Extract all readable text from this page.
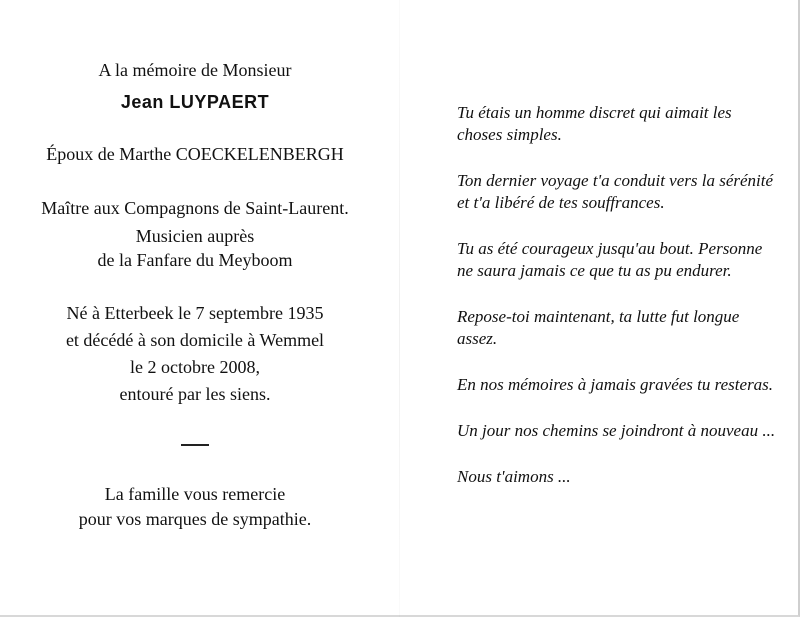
A la mémoire de Monsieur

Jean LUYPAERT

Époux de Marthe COECKELENBERGH

Maître aux Compagnons de Saint-Laurent.

Musicien auprès

de la Fanfare du Meyboom

Né à Etterbeek le 7 septembre 1935

et décédé à son domicile à Wemmel

le 2 octobre 2008,

entouré par les siens.

La famille vous remercie

pour vos marques de sympathie.

Tu étais un homme discret qui aimait les choses simples.

Ton dernier voyage t'a conduit vers la sérénité et t'a libéré de tes souffrances.

Tu as été courageux jusqu'au bout. Personne ne saura jamais ce que tu as pu endurer.

Repose-toi maintenant, ta lutte fut longue assez.

En nos mémoires à jamais gravées tu resteras.

Un jour nos chemins se joindront à nouveau ...

Nous t'aimons ...
